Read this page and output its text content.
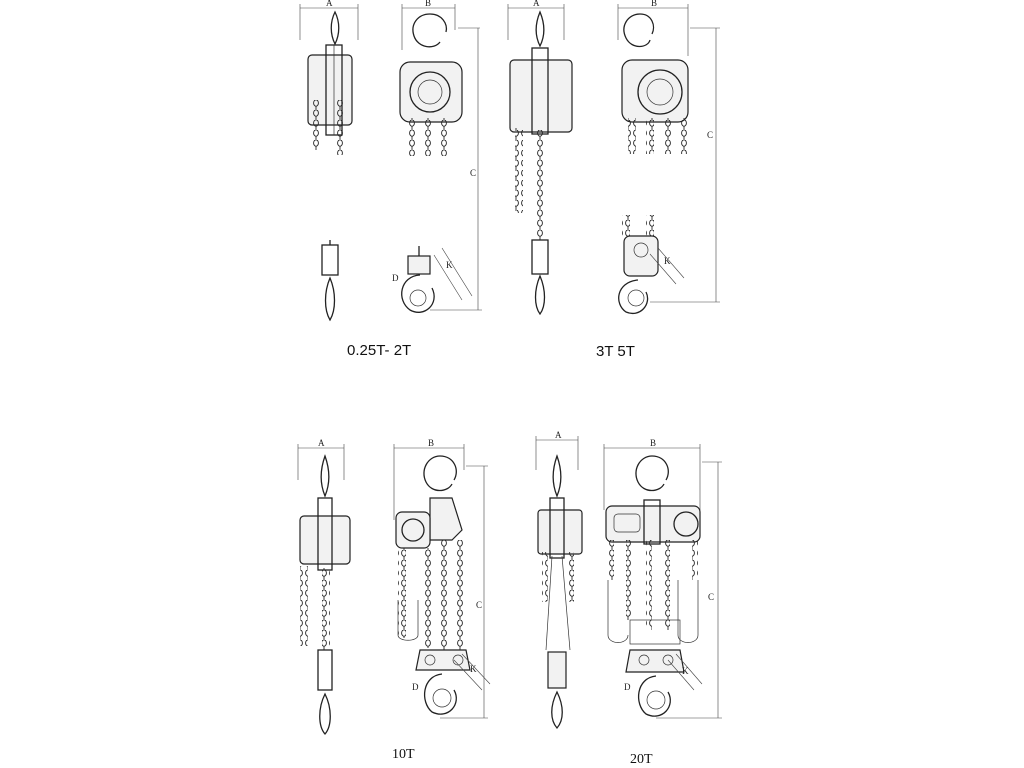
A	B
D
K
C
A	B
K
C
A	B
D
K
C
A
B
D
K
C
0.25T- 2T	3T 5T
10T	20T
